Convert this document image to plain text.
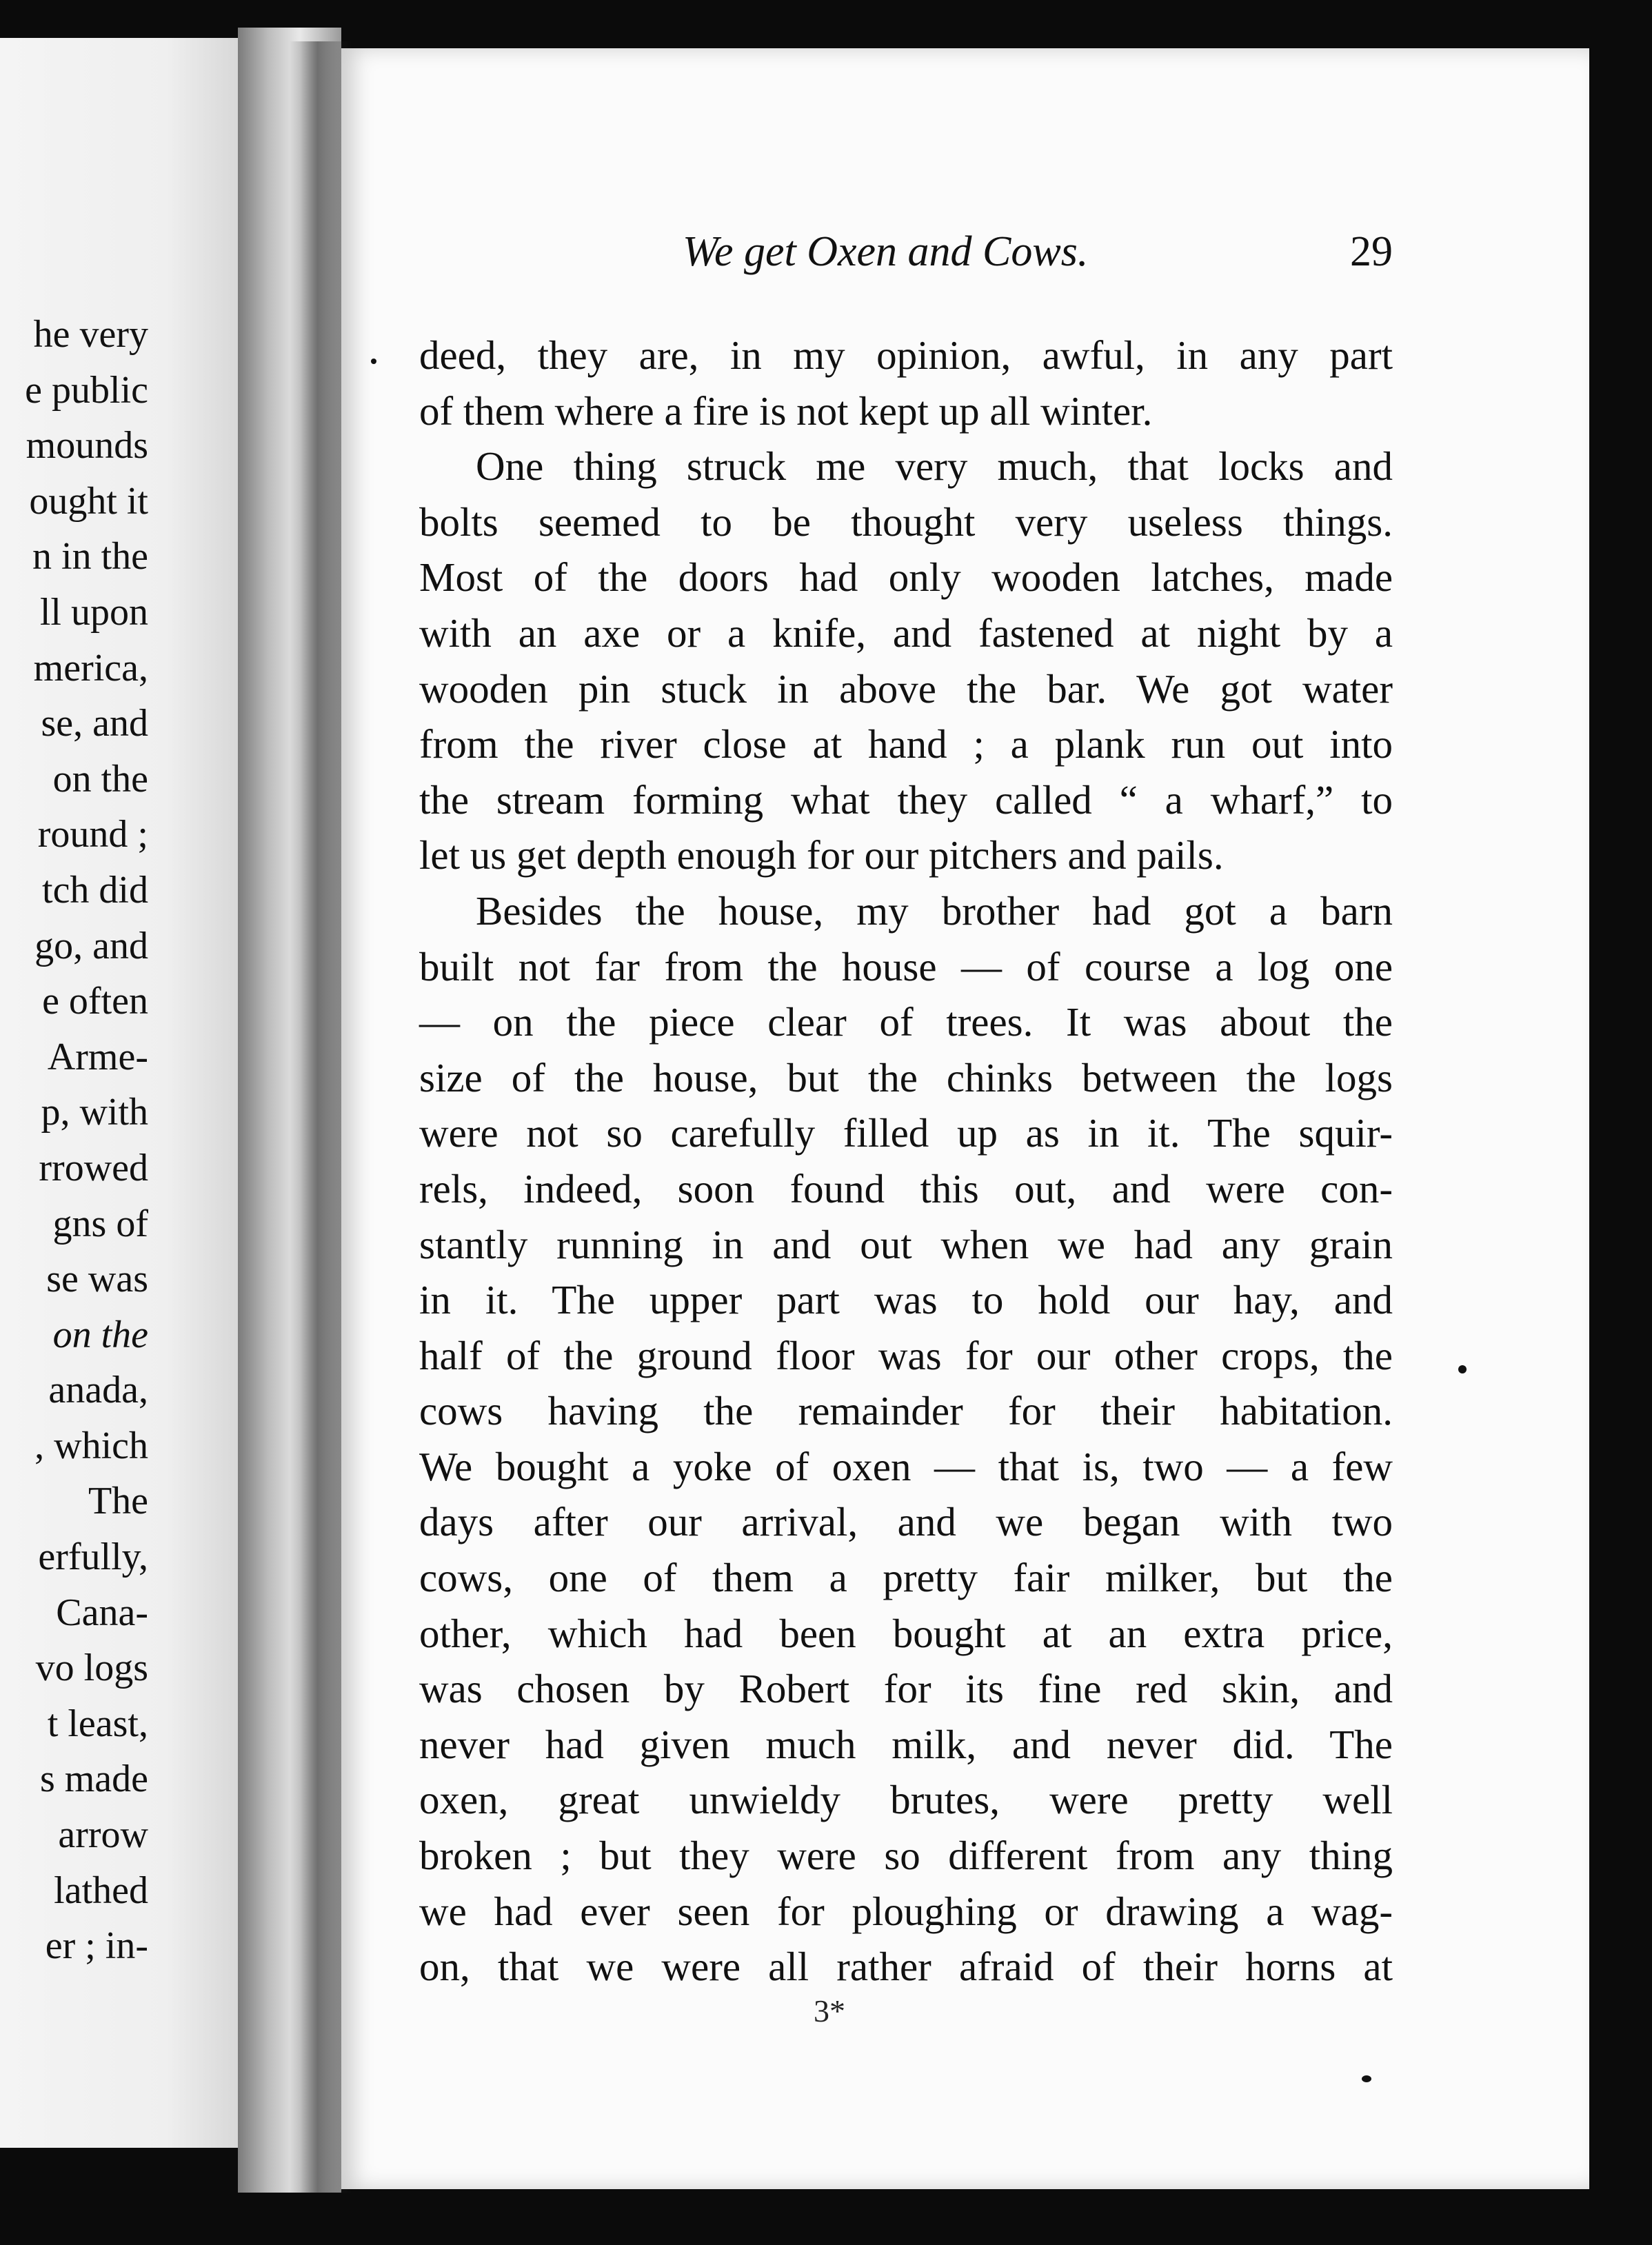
he very
e public
mounds
ought it
n in the
ll upon
merica,
se, and
on the
round ;
tch did
go, and
e often
Arme-
p, with
rrowed
gns of
se was
on the
anada,
, which
The
erfully,
Cana-
vo logs
t least,
s made
arrow
lathed
er ; in-
We get Oxen and Cows.	29
deed, they are, in my opinion, awful, in any part
of them where a fire is not kept up all winter.
One thing struck me very much, that locks and
bolts seemed to be thought very useless things.
Most of the doors had only wooden latches, made
with an axe or a knife, and fastened at night by a
wooden pin stuck in above the bar. We got water
from the river close at hand ; a plank run out into
the stream forming what they called “ a wharf,” to
let us get depth enough for our pitchers and pails.
Besides the house, my brother had got a barn
built not far from the house — of course a log one
— on the piece clear of trees. It was about the
size of the house, but the chinks between the logs
were not so carefully filled up as in it. The squir-
rels, indeed, soon found this out, and were con-
stantly running in and out when we had any grain
in it. The upper part was to hold our hay, and
half of the ground floor was for our other crops, the
cows having the remainder for their habitation.
We bought a yoke of oxen — that is, two — a few
days after our arrival, and we began with two
cows, one of them a pretty fair milker, but the
other, which had been bought at an extra price,
was chosen by Robert for its fine red skin, and
never had given much milk, and never did. The
oxen, great unwieldy brutes, were pretty well
broken ; but they were so different from any thing
we had ever seen for ploughing or drawing a wag-
on, that we were all rather afraid of their horns at
3*
